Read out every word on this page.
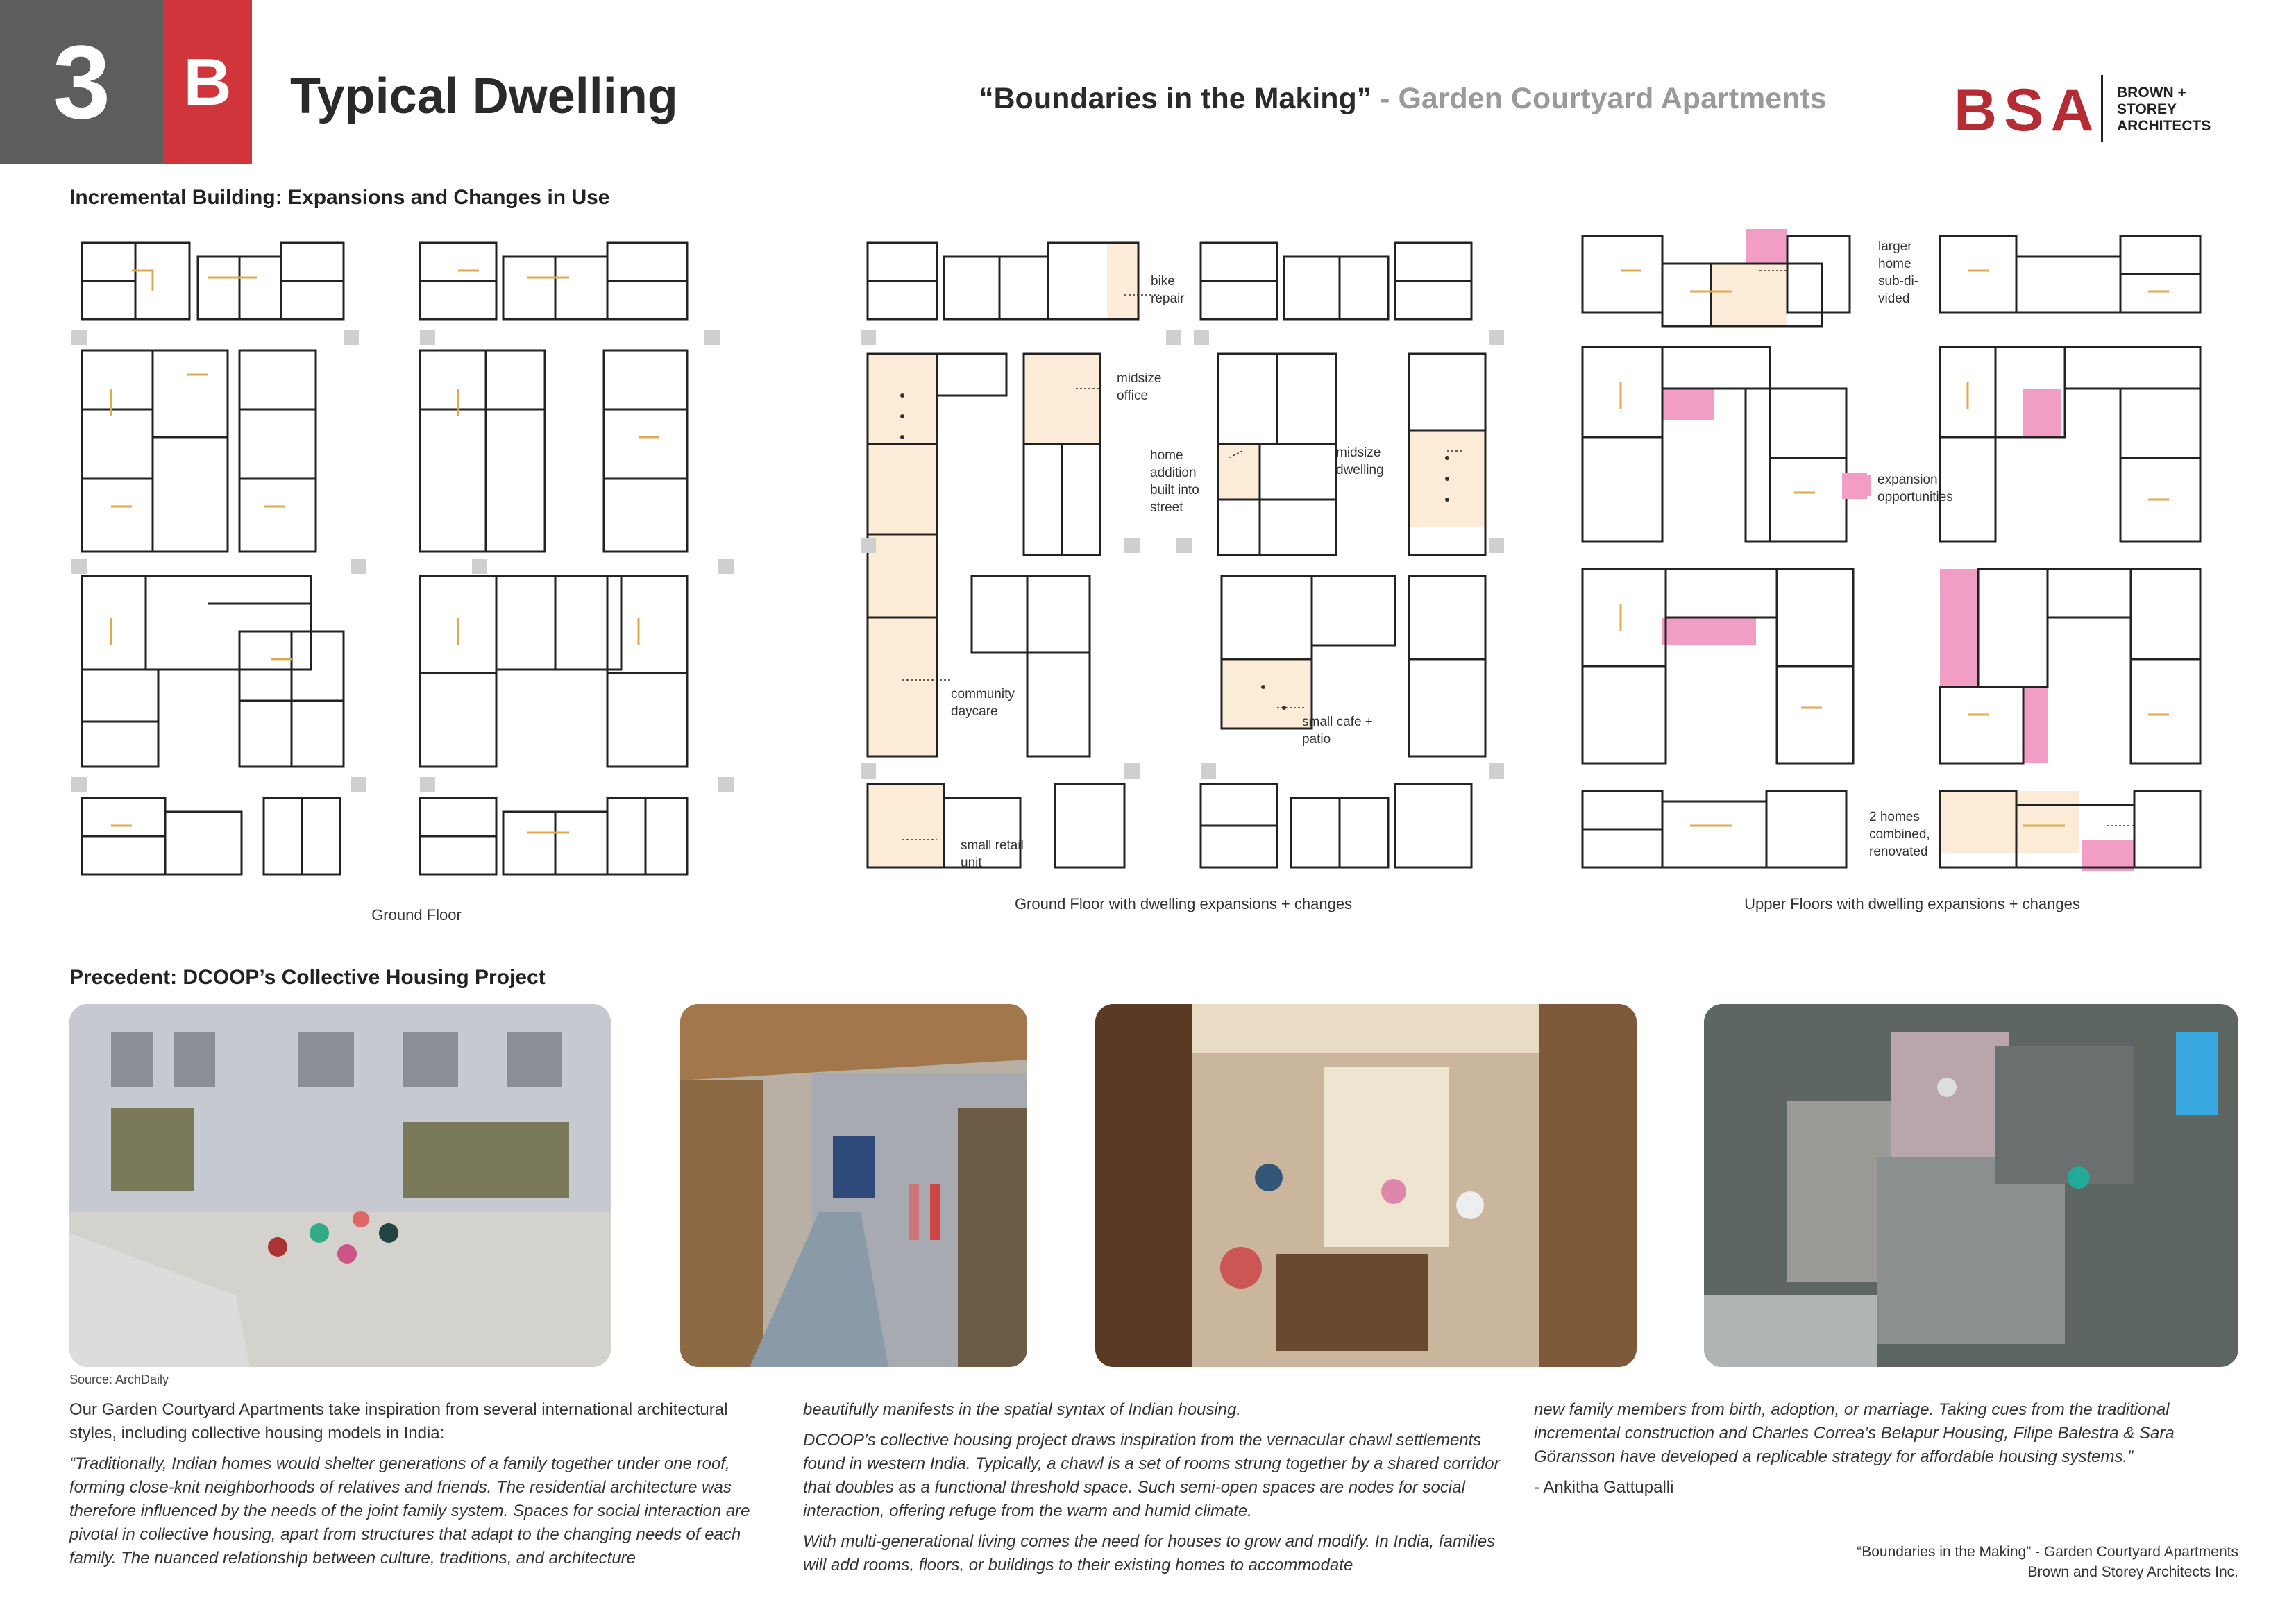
3	B	Typical Dwelling	“Boundaries in the Making” - Garden Courtyard Apartments BSA BROWN +
STOREY
ARCHITECTS
Incremental Building: Expansions and Changes in Use
Ground Floor
bike
repair
midsize
office
home
addition
built into
street
midsize
dwelling
community
daycare
small cafe +
patio
small retail
unit
Ground Floor with dwelling expansions + changes
larger
home
sub-di-
vided
expansion
opportunities
2 homes
combined,
renovated
Upper Floors with dwelling expansions + changes
Precedent: DCOOP’s Collective Housing Project
Source: ArchDaily

Our Garden Courtyard Apartments take inspiration from several international architectural styles, including collective housing models in India:

“Traditionally, Indian homes would shelter generations of a family together under one roof, forming close-knit neighborhoods of relatives and friends. The residential architecture was therefore influenced by the needs of the joint family system. Spaces for social interaction are pivotal in collective housing, apart from structures that adapt to the changing needs of each family. The nuanced relationship between culture, traditions, and architecture

beautifully manifests in the spatial syntax of Indian housing.

DCOOP’s collective housing project draws inspiration from the vernacular chawl settlements found in western India. Typically, a chawl is a set of rooms strung together by a shared corridor that doubles as a functional threshold space. Such semi-open spaces are nodes for social interaction, offering refuge from the warm and humid climate.

With multi-generational living comes the need for houses to grow and modify. In India, families will add rooms, floors, or buildings to their existing homes to accommodate

new family members from birth, adoption, or marriage. Taking cues from the traditional incremental construction and Charles Correa’s Belapur Housing, Filipe Balestra & Sara Göransson have developed a replicable strategy for affordable housing systems.”

- Ankitha Gattupalli

“Boundaries in the Making” - Garden Courtyard Apartments
Brown and Storey Architects Inc.
